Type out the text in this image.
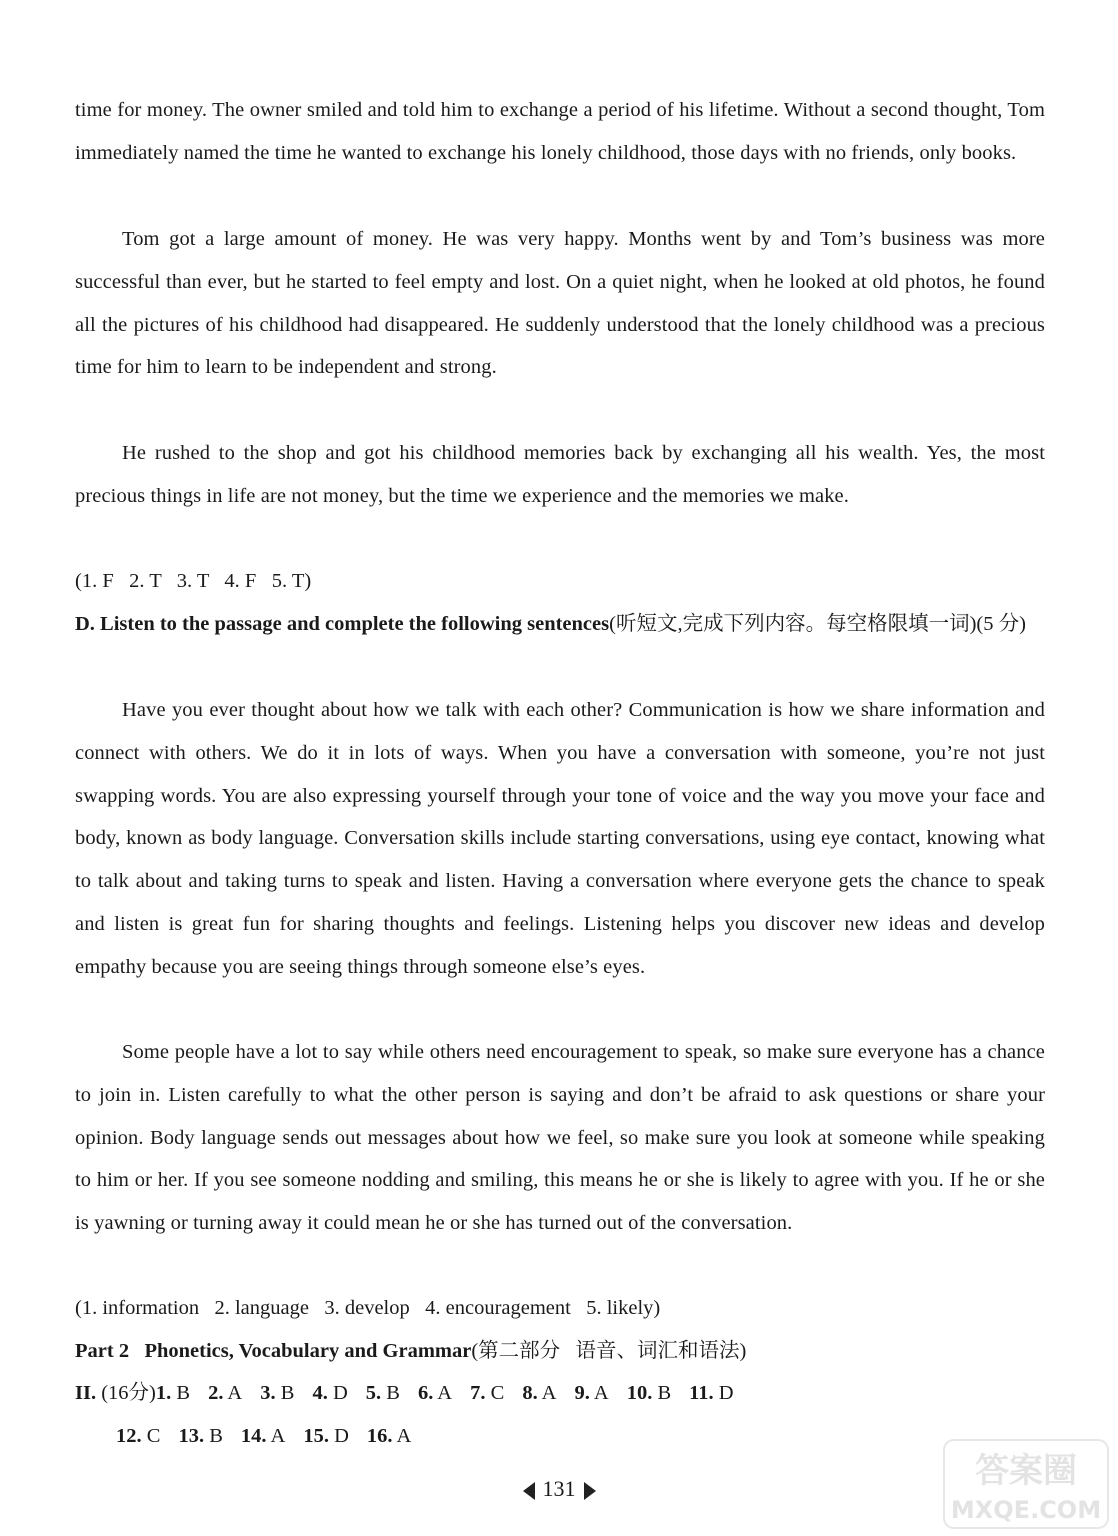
time for money. The owner smiled and told him to exchange a period of his lifetime. Without a second thought, Tom immediately named the time he wanted to exchange his lonely childhood, those days with no friends, only books.

Tom got a large amount of money. He was very happy. Months went by and Tom’s business was more successful than ever, but he started to feel empty and lost. On a quiet night, when he looked at old photos, he found all the pictures of his childhood had disappeared. He suddenly understood that the lonely childhood was a precious time for him to learn to be independent and strong.

He rushed to the shop and got his childhood memories back by exchanging all his wealth. Yes, the most precious things in life are not money, but the time we experience and the memories we make.

(1. F   2. T   3. T   4. F   5. T)

D. Listen to the passage and complete the following sentences(听短文,完成下列内容。每空格限填一词)(5 分)

Have you ever thought about how we talk with each other? Communication is how we share information and connect with others. We do it in lots of ways. When you have a conversation with someone, you’re not just swapping words. You are also expressing yourself through your tone of voice and the way you move your face and body, known as body language. Conversation skills include starting conversations, using eye contact, knowing what to talk about and taking turns to speak and listen. Having a conversation where everyone gets the chance to speak and listen is great fun for sharing thoughts and feelings. Listening helps you discover new ideas and develop empathy because you are seeing things through someone else’s eyes.

Some people have a lot to say while others need encouragement to speak, so make sure everyone has a chance to join in. Listen carefully to what the other person is saying and don’t be afraid to ask questions or share your opinion. Body language sends out messages about how we feel, so make sure you look at someone while speaking to him or her. If you see someone nodding and smiling, this means he or she is likely to agree with you. If he or she is yawning or turning away it could mean he or she has turned out of the conversation.

(1. information   2. language   3. develop   4. encouragement   5. likely)

Part 2   Phonetics, Vocabulary and Grammar(第二部分   语音、词汇和语法)

II. (16分)1. B 2. A 3. B 4. D 5. B 6. A 7. C 8. A 9. A 10. B 11. D

12. C 13. B 14. A 15. D 16. A

131	答案圈
MXQE.COM
